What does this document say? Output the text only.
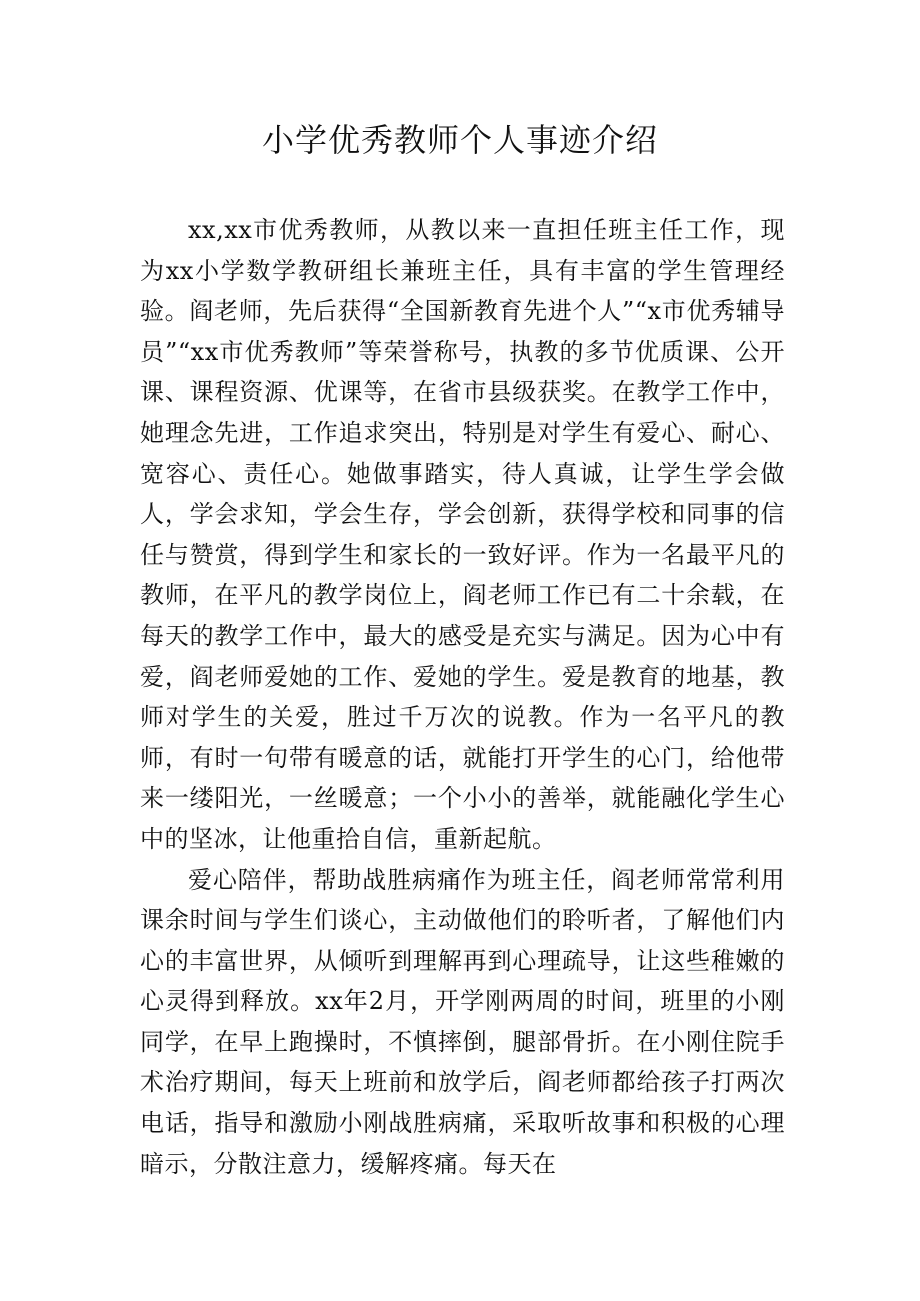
小学优秀教师个人事迹介绍

xx,xx市优秀教师，从教以来一直担任班主任工作，现为xx小学数学教研组长兼班主任，具有丰富的学生管理经验。阎老师，先后获得“全国新教育先进个人”“x市优秀辅导员”“xx市优秀教师”等荣誉称号，执教的多节优质课、公开课、课程资源、优课等，在省市县级获奖。在教学工作中，她理念先进，工作追求突出，特别是对学生有爱心、耐心、宽容心、责任心。她做事踏实，待人真诚，让学生学会做人，学会求知，学会生存，学会创新，获得学校和同事的信任与赞赏，得到学生和家长的一致好评。作为一名最平凡的教师，在平凡的教学岗位上，阎老师工作已有二十余载，在每天的教学工作中，最大的感受是充实与满足。因为心中有爱，阎老师爱她的工作、爱她的学生。爱是教育的地基，教师对学生的关爱，胜过千万次的说教。作为一名平凡的教师，有时一句带有暖意的话，就能打开学生的心门，给他带来一缕阳光，一丝暖意；一个小小的善举，就能融化学生心中的坚冰，让他重拾自信，重新起航。

爱心陪伴，帮助战胜病痛作为班主任，阎老师常常利用课余时间与学生们谈心，主动做他们的聆听者，了解他们内心的丰富世界，从倾听到理解再到心理疏导，让这些稚嫩的心灵得到释放。xx年2月，开学刚两周的时间，班里的小刚同学，在早上跑操时，不慎摔倒，腿部骨折。在小刚住院手术治疗期间，每天上班前和放学后，阎老师都给孩子打两次电话，指导和激励小刚战胜病痛，采取听故事和积极的心理暗示，分散注意力，缓解疼痛。每天在
